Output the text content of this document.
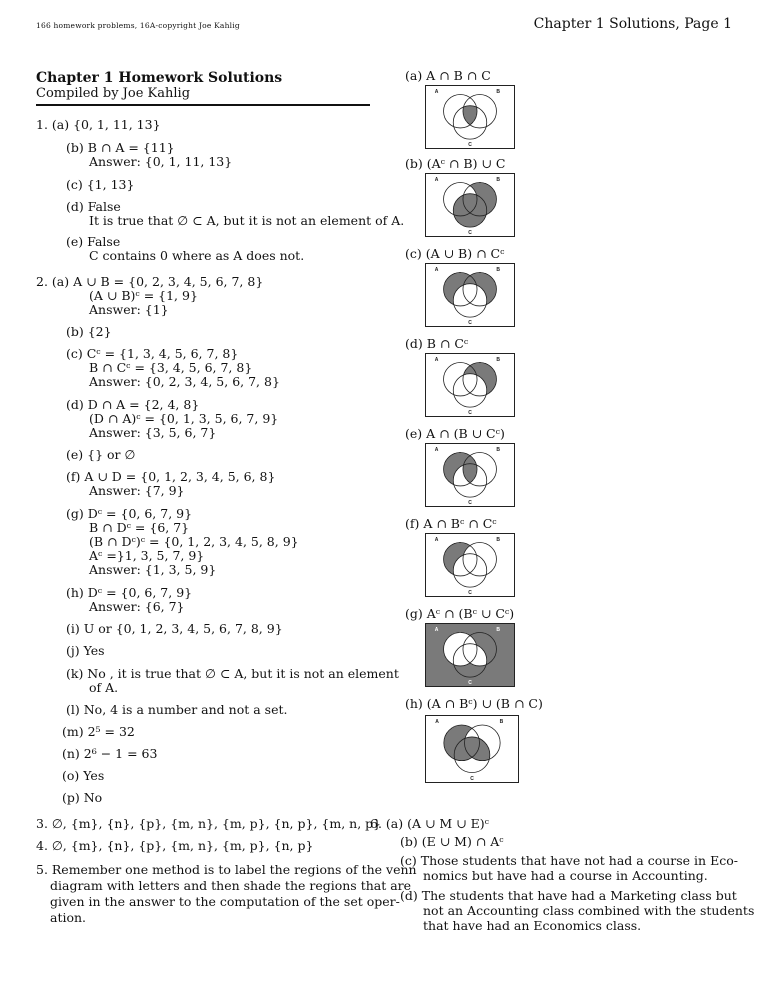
166 homework problems, 16A-copyright Joe Kahlig	Chapter 1 Solutions, Page 1
Chapter 1 Homework Solutions
Compiled by Joe Kahlig
1. (a) {0, 1, 11, 13}
(b) B ∩ A = {11}
Answer: {0, 1, 11, 13}
(c) {1, 13}
(d) False
It is true that ∅ ⊂ A, but it is not an element of A.
(e) False
C contains 0 where as A does not.
2. (a) A ∪ B = {0, 2, 3, 4, 5, 6, 7, 8}
(A ∪ B)ᶜ = {1, 9}
Answer: {1}
(b) {2}
(c) Cᶜ = {1, 3, 4, 5, 6, 7, 8}
B ∩ Cᶜ = {3, 4, 5, 6, 7, 8}
Answer: {0, 2, 3, 4, 5, 6, 7, 8}
(d) D ∩ A = {2, 4, 8}
(D ∩ A)ᶜ = {0, 1, 3, 5, 6, 7, 9}
Answer: {3, 5, 6, 7}
(e) {} or ∅
(f) A ∪ D = {0, 1, 2, 3, 4, 5, 6, 8}
Answer: {7, 9}
(g) Dᶜ = {0, 6, 7, 9}
B ∩ Dᶜ = {6, 7}
(B ∩ Dᶜ)ᶜ = {0, 1, 2, 3, 4, 5, 8, 9}
Aᶜ =}1, 3, 5, 7, 9}
Answer: {1, 3, 5, 9}
(h) Dᶜ = {0, 6, 7, 9}
Answer: {6, 7}
(i) U or {0, 1, 2, 3, 4, 5, 6, 7, 8, 9}
(j) Yes
(k) No , it is true that ∅ ⊂ A, but it is not an element
of A.
(l) No, 4 is a number and not a set.
(m) 2⁵ = 32
(n) 2⁶ − 1 = 63
(o) Yes
(p) No
3. ∅, {m}, {n}, {p}, {m, n}, {m, p}, {n, p}, {m, n, p}
4. ∅, {m}, {n}, {p}, {m, n}, {m, p}, {n, p}
5. Remember one method is to label the regions of the venn
diagram with letters and then shade the regions that are
given in the answer to the computation of the set oper-
ation.
(a) A ∩ B ∩ C
A	B
C
(b) (Aᶜ ∩ B) ∪ C
A	B
C
(c) (A ∪ B) ∩ Cᶜ
A	B
C
(d) B ∩ Cᶜ
A	B
C
(e) A ∩ (B ∪ Cᶜ)
A	B
C
(f) A ∩ Bᶜ ∩ Cᶜ
A	B
C
(g) Aᶜ ∩ (Bᶜ ∪ Cᶜ)
A	B
C
(h) (A ∩ Bᶜ) ∪ (B ∩ C)
A	B
C
6. (a) (A ∪ M ∪ E)ᶜ
(b) (E ∪ M) ∩ Aᶜ
(c) Those students that have not had a course in Eco-
nomics but have had a course in Accounting.
(d) The students that have had a Marketing class but
not an Accounting class combined with the students
that have had an Economics class.
